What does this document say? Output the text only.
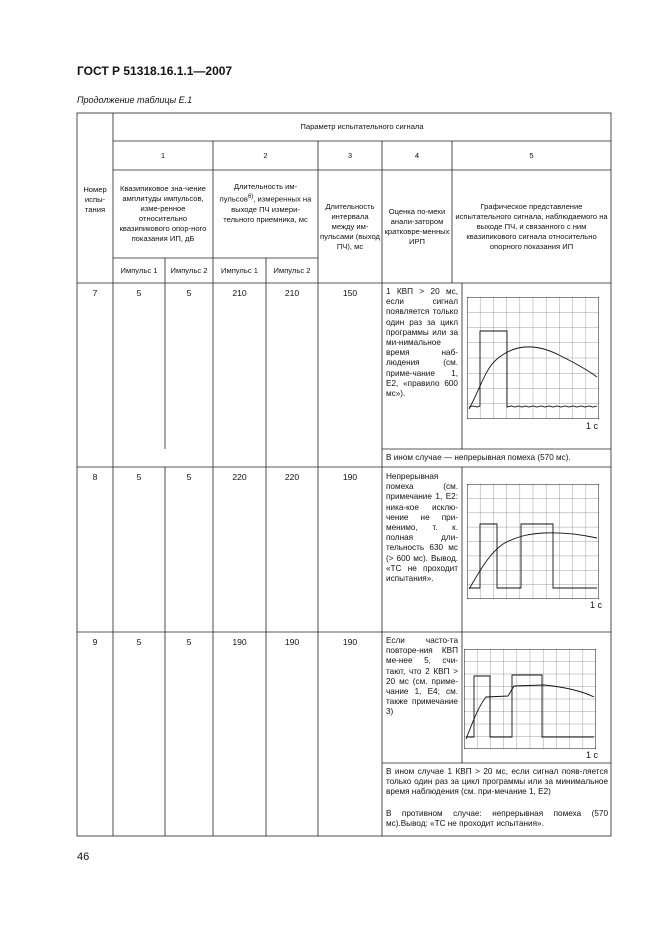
ГОСТ Р 51318.16.1.1—2007
Продолжение таблицы Е.1
Номер испы-тания
Параметр испытательного сигнала
1	2	3	4	5
Квазипиковое зна-чение амплитуды импульсов, изме-ренное относительно квазипикового опор-ного показания ИП, дБ
Длительность им-пульсов$^{6)}$, измеренных на выходе ПЧ измери-тельного приемника, мс
Длительность интервала между им-пульсами (выход ПЧ), мс
Оценка по-мехи анали-затором кратковре-менных ИРП
Графическое представление испытательного сигнала, наблюдаемого на выходе ПЧ, и связанного с ним квазипикового сигнала относительно опорного показания ИП
Импульс 1	Импульс 2	Импульс 1	Импульс 2
7	5	5	210	210	150	1 КВП > 20 мс, если сигнал появляется только один раз за цикл программы или за ми-нимальное время наб-людения (см. приме-чание 1, Е2, «правило 600 мс»).
1 с
В ином случае — непрерывная помеха (570 мс).
8	5	5	220	220	190	Непрерывная помеха (см. примечание 1, Е2: ника-кое исклю-чение не при-менимо, т. к. полная дли-тельность 630 мс (> 600 мс). Вывод. «ТС не проходит испытания».
1 с
9	5	5	190	190	190	Если часто-та повторе-ния КВП ме-нее 5, счи-тают, что 2 КВП > 20 мс (см. приме-чание 1, Е4; см. также примечание 3)
1 с
В ином случае 1 КВП > 20 мс, если сигнал появ-ляется только один раз за цикл программы или за минимальное время наблюдения (см. при-мечание 1, Е2)
В противном случае: непрерывная помеха (570 мс).Вывод: «ТС не проходит испытания».
46
